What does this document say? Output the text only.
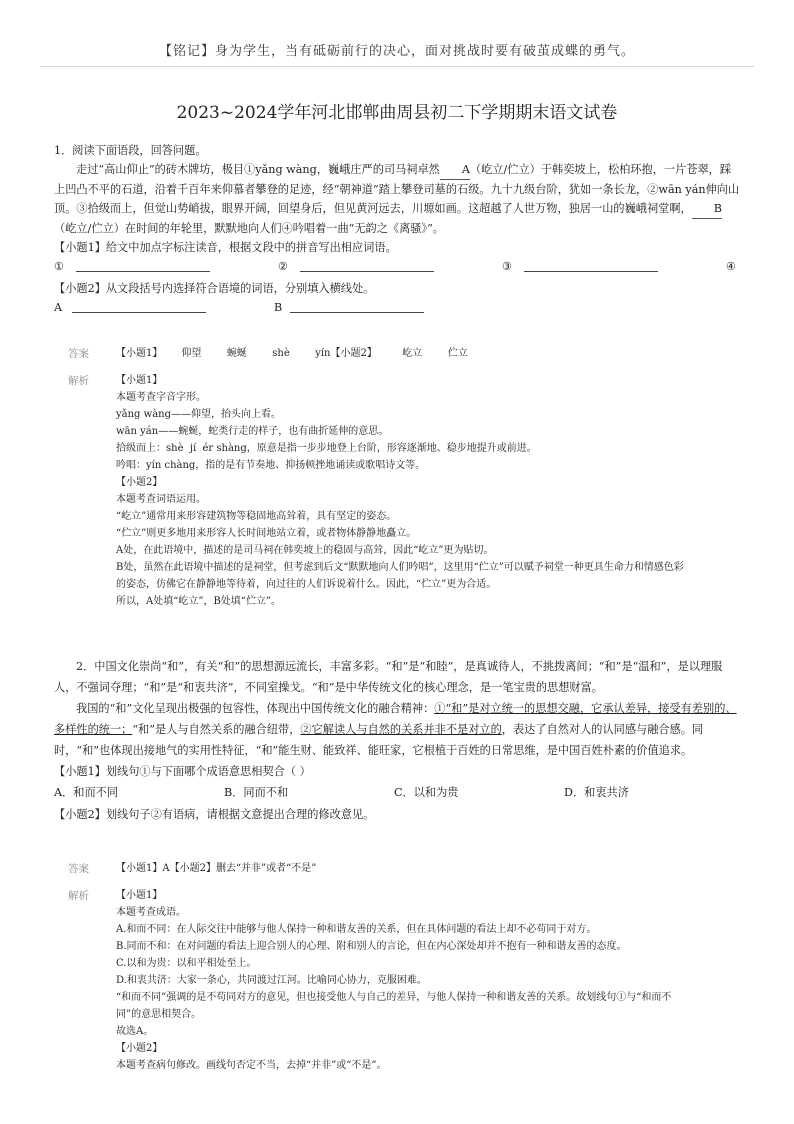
【铭记】身为学生，当有砥砺前行的决心，面对挑战时要有破茧成蝶的勇气。
2023~2024学年河北邯郸曲周县初二下学期期末语文试卷

1．阅读下面语段，回答问题。

走过“高山仰止”的砖木牌坊，极目①yǎng wàng，巍峨庄严的司马祠卓然 A（屹立/伫立）于韩奕坡上，松柏环抱，一片苍翠，踩上凹凸不平的石道，沿着千百年来仰慕者攀登的足迹，经“朝神道”踏上攀登司墓的石级。九十九级台阶，犹如一条长龙，②wān yán伸向山顶。③拾级而上，但觉山势峭拔，眼界开阔，回望身后，但见黄河远去，川塬如画。这超越了人世万物，独居一山的巍峨祠堂啊， B（屹立/伫立）在时间的年轮里，默默地向人们④吟唱着一曲“无韵之《离骚》”。

【小题1】给文中加点字标注读音，根据文段中的拼音写出相应词语。

①	②	③	④

【小题2】从文段括号内选择符合语境的词语，分别填入横线处。

A	B
答案	【小题1】      仰望        蜿蜒        shè        yín【小题2】        屹立        伫立
解析	【小题1】

本题考查字音字形。

yǎng wàng——仰望，抬头向上看。

wān yán——蜿蜒，蛇类行走的样子，也有曲折延伸的意思。

拾级而上：shè  jí  ér shàng，原意是指一步步地登上台阶，形容逐渐地、稳步地提升或前进。

吟唱：yín chàng，指的是有节奏地、抑扬顿挫地诵读或歌唱诗文等。

【小题2】

本题考查词语运用。

“屹立”通常用来形容建筑物等稳固地高耸着，具有坚定的姿态。

“伫立”则更多地用来形容人长时间地站立着，或者物体静静地矗立。

A处，在此语境中，描述的是司马祠在韩奕坡上的稳固与高耸，因此“屹立”更为贴切。

B处，虽然在此语境中描述的是祠堂，但考虑到后文“默默地向人们吟唱”，这里用“伫立”可以赋予祠堂一种更具生命力和情感色彩

的姿态，仿佛它在静静地等待着，向过往的人们诉说着什么。因此，“伫立”更为合适。

所以，A处填“屹立”，B处填“伫立”。

2．中国文化崇尚“和”，有关“和”的思想源远流长，丰富多彩。“和”是“和睦”，是真诚待人，不挑拨离间；“和”是“温和”，是以理服人，不强词夺理；“和”是“和衷共济”，不同室操戈。“和”是中华传统文化的核心理念，是一笔宝贵的思想财富。

我国的“和”文化呈现出极强的包容性，体现出中国传统文化的融合精神：①“和”是对立统一的思想交融，它承认差异，接受有差别的、多样性的统一；“和”是人与自然关系的融合纽带，②它解读人与自然的关系并非不是对立的，表达了自然对人的认同感与融合感。同时，“和”也体现出接地气的实用性特征，“和”能生财、能致祥、能旺家，它根植于百姓的日常思维，是中国百姓朴素的价值追求。

【小题1】划线句①与下面哪个成语意思相契合（ ）

A．和而不同	B．同而不和	C．以和为贵	D．和衷共济

【小题2】划线句子②有语病，请根据文意提出合理的修改意见。

答案	【小题1】A【小题2】删去“并非”或者“不是”
解析	【小题1】

本题考查成语。

A.和而不同：在人际交往中能够与他人保持一种和谐友善的关系，但在具体问题的看法上却不必苟同于对方。

B.同而不和：在对问题的看法上迎合别人的心理、附和别人的言论，但在内心深处却并不抱有一种和谐友善的态度。

C.以和为贵：以和平相处至上。

D.和衷共济：大家一条心，共同渡过江河。比喻同心协力，克服困难。

“和而不同”强调的是不苟同对方的意见，但也接受他人与自己的差异，与他人保持一种和谐友善的关系。故划线句①与“和而不

同”的意思相契合。

故选A。

【小题2】

本题考查病句修改。画线句否定不当，去掉“并非”或“不是”。
